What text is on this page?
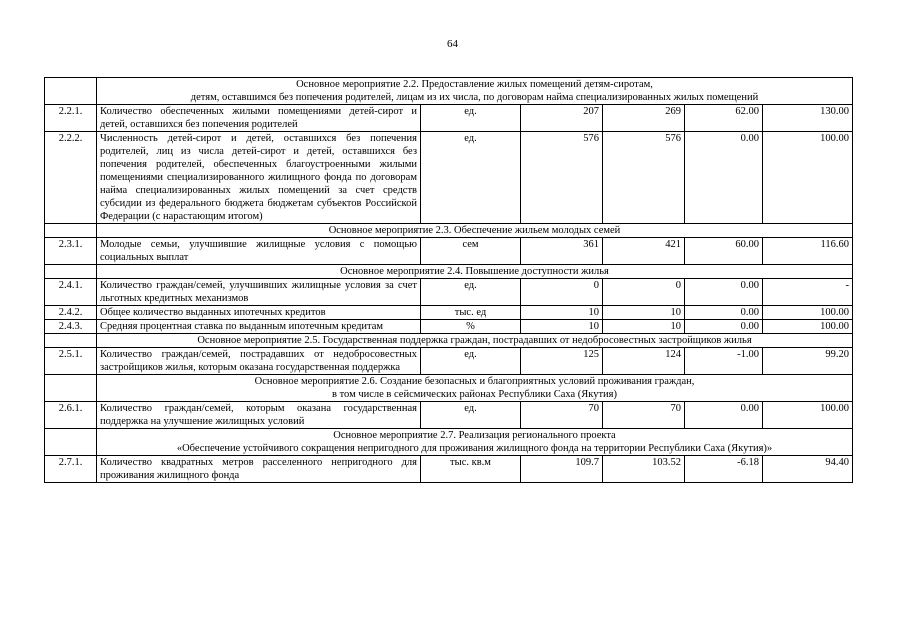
64

	Основное мероприятие 2.2. Предоставление жилых помещений детям-сиротам,
детям, оставшимся без попечения родителей, лицам из их числа, по договорам найма специализированных жилых помещений					

2.2.1.	Количество обеспеченных жилыми помещениями детей-сирот и детей, оставшихся без попечения родителей	ед.	207	269	62.00	130.00
2.2.2.	Численность детей-сирот и детей, оставшихся без попечения родителей, лиц из числа детей-сирот и детей, оставшихся без попечения родителей, обеспеченных благоустроенными жилыми помещениями специализированного жилищного фонда по договорам найма специализированных жилых помещений за счет средств субсидии из федерального бюджета бюджетам субъектов Российской Федерации (с нарастающим итогом)	ед.	576	576	0.00	100.00

	Основное мероприятие 2.3. Обеспечение жильем молодых семей					

2.3.1.	Молодые семьи, улучшившие жилищные условия с помощью социальных выплат	сем	361	421	60.00	116.60

	Основное мероприятие 2.4. Повышение доступности жилья					

2.4.1.	Количество граждан/семей, улучшивших жилищные условия за счет льготных кредитных механизмов	ед.	0	0	0.00	-
2.4.2.	Общее количество выданных ипотечных кредитов	тыс. ед	10	10	0.00	100.00
2.4.3.	Средняя процентная ставка по выданным ипотечным кредитам	%	10	10	0.00	100.00

	Основное мероприятие 2.5. Государственная поддержка граждан, пострадавших от недобросовестных застройщиков жилья					

2.5.1.	Количество граждан/семей, пострадавших от недобросовестных застройщиков жилья, которым оказана государственная поддержка	ед.	125	124	-1.00	99.20

	Основное мероприятие 2.6. Создание безопасных и благоприятных условий проживания граждан,
в том числе в сейсмических районах Республики Саха (Якутия)					

2.6.1.	Количество граждан/семей, которым оказана государственная поддержка на улучшение жилищных условий	ед.	70	70	0.00	100.00

	Основное мероприятие 2.7. Реализация регионального проекта
«Обеспечение устойчивого сокращения непригодного для проживания жилищного фонда на территории Республики Саха (Якутия)»					

2.7.1.	Количество квадратных метров расселенного непригодного для проживания жилищного фонда	тыс. кв.м	109.7	103.52	-6.18	94.40
